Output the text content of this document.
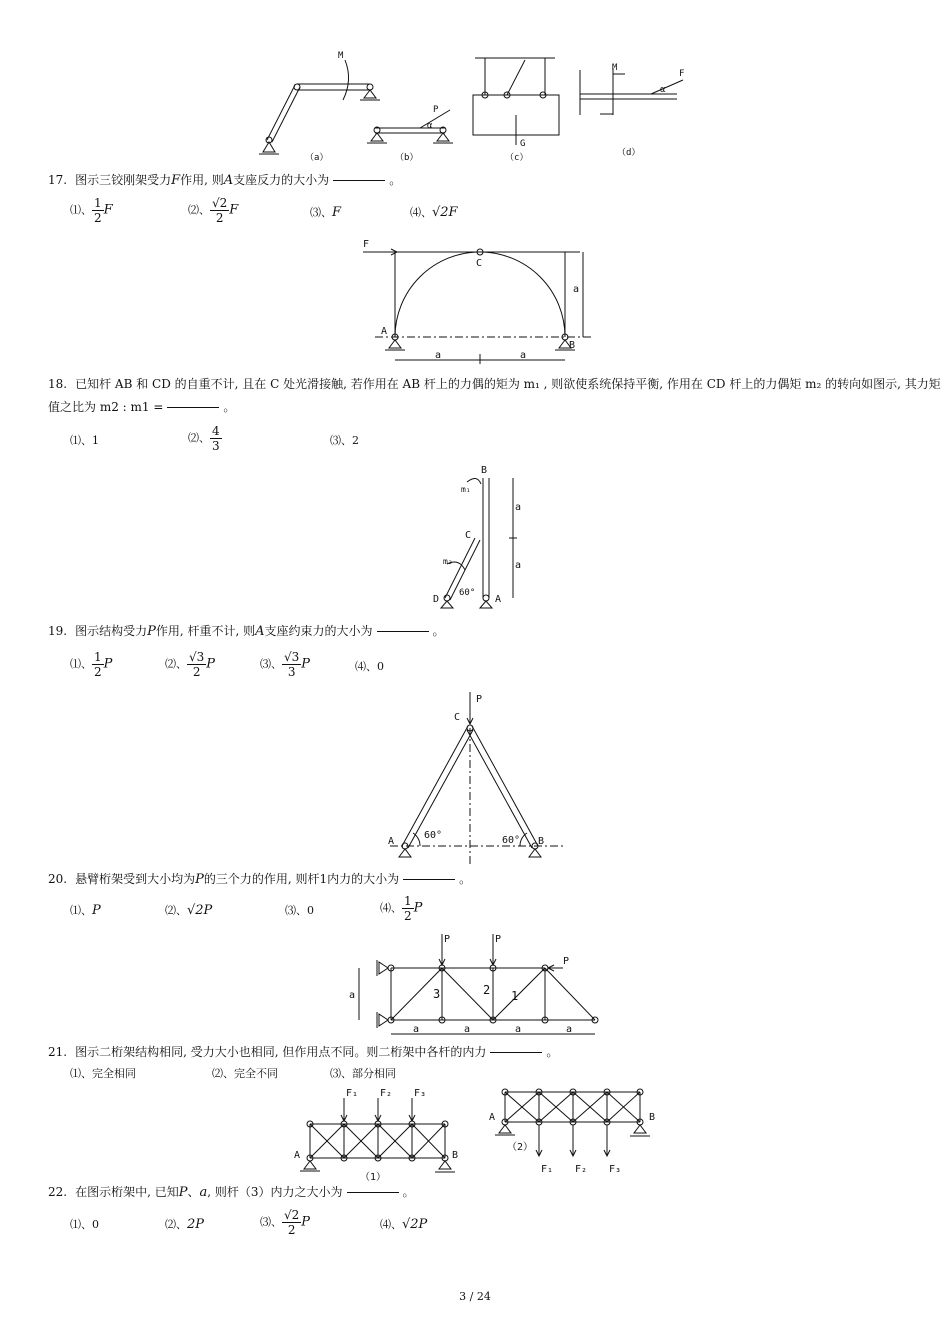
M
P
α
G
M
F
α
（a）	（b）	（c）	（d）
17. 图示三铰刚架受力F作用, 则A支座反力的大小为	。
⑴、 $\frac{1}{2}$ F	⑵、 $\frac{√2}{2}$ F	⑶、F	⑷、√2F
F
C
A
B
a
a	a
18. 已知杆 AB 和 CD 的自重不计, 且在 C 处光滑接触, 若作用在 AB 杆上的力偶的矩为 m₁ , 则欲使系统保持平衡, 作用在 CD 杆上的力偶矩 m₂ 的转向如图示, 其力矩
值之比为 m2 : m1 =	。
⑴、1	⑵、 $\frac{4}{3}$	⑶、2
B
m₁
C
m₂
D
60°
A
a
a
19. 图示结构受力P作用, 杆重不计, 则A支座约束力的大小为	。
⑴、 $\frac{1}{2}$ P	⑵、 $\frac{√3}{2}$ P	⑶、 $\frac{√3}{3}$ P	⑷、0
P
C
A	B
60°	60°
20. 悬臂桁架受到大小均为P的三个力的作用, 则杆1内力的大小为	。
⑴、P	⑵、√2P	⑶、0	⑷、 $\frac{1}{2}$ P
P	P
P
3	2 1
a
a	a	a	a
21. 图示二桁架结构相同, 受力大小也相同, 但作用点不同。则二桁架中各杆的内力	。
⑴、完全相同	⑵、完全不同	⑶、部分相同
F₁ F₂ F₃
A	B
（1）
A	B
（2）
F₁ F₂ F₃
22. 在图示桁架中, 已知P、a, 则杆（3）内力之大小为	。
⑴、0	⑵、2P	⑶、 $\frac{√2}{2}$ P	⑷、√2P
3 / 24
